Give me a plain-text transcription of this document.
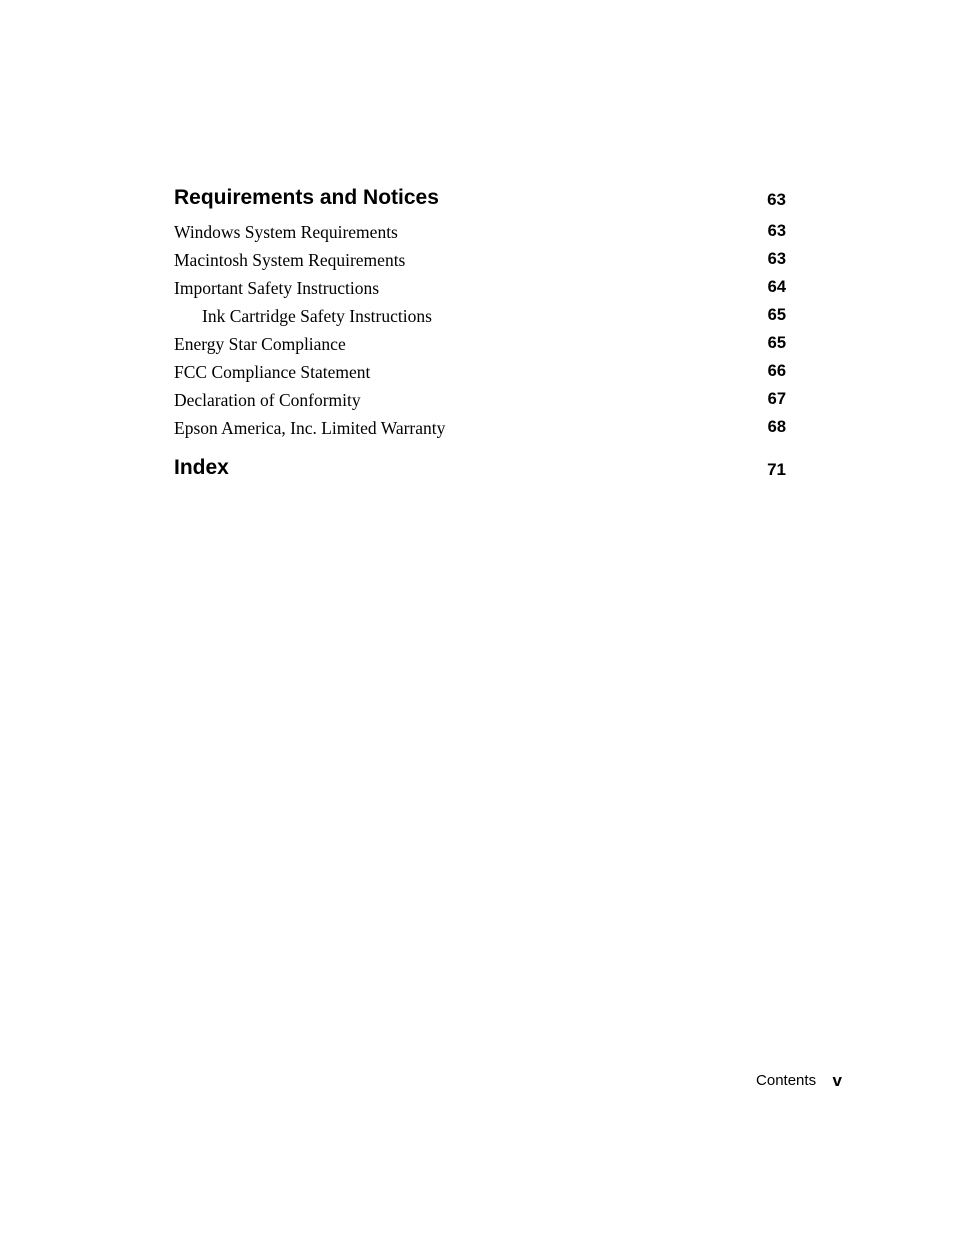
Requirements and Notices	63
Windows System Requirements	63
Macintosh System Requirements	63
Important Safety Instructions	64
Ink Cartridge Safety Instructions	65
Energy Star Compliance	65
FCC Compliance Statement	66
Declaration of Conformity	67
Epson America, Inc. Limited Warranty	68
Index	71
Contents v
